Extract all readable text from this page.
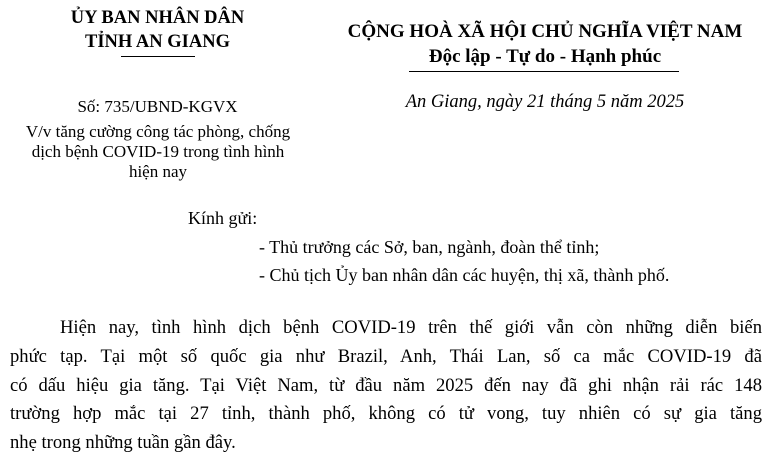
ỦY BAN NHÂN DÂN
TỈNH AN GIANG
Số: 735/UBND-KGVX
V/v tăng cường công tác phòng, chống
dịch bệnh COVID-19 trong tình hình
hiện nay
CỘNG HOÀ XÃ HỘI CHỦ NGHĨA VIỆT NAM
Độc lập - Tự do - Hạnh phúc
An Giang, ngày 21 tháng 5 năm 2025
Kính gửi:
- Thủ trưởng các Sở, ban, ngành, đoàn thể tỉnh;
- Chủ tịch Ủy ban nhân dân các huyện, thị xã, thành phố.
Hiện nay, tình hình dịch bệnh COVID-19 trên thế giới vẫn còn những diễn biến
phức tạp. Tại một số quốc gia như Brazil, Anh, Thái Lan, số ca mắc COVID-19 đã
có dấu hiệu gia tăng. Tại Việt Nam, từ đầu năm 2025 đến nay đã ghi nhận rải rác 148
trường hợp mắc tại 27 tỉnh, thành phố, không có tử vong, tuy nhiên có sự gia tăng
nhẹ trong những tuần gần đây.
